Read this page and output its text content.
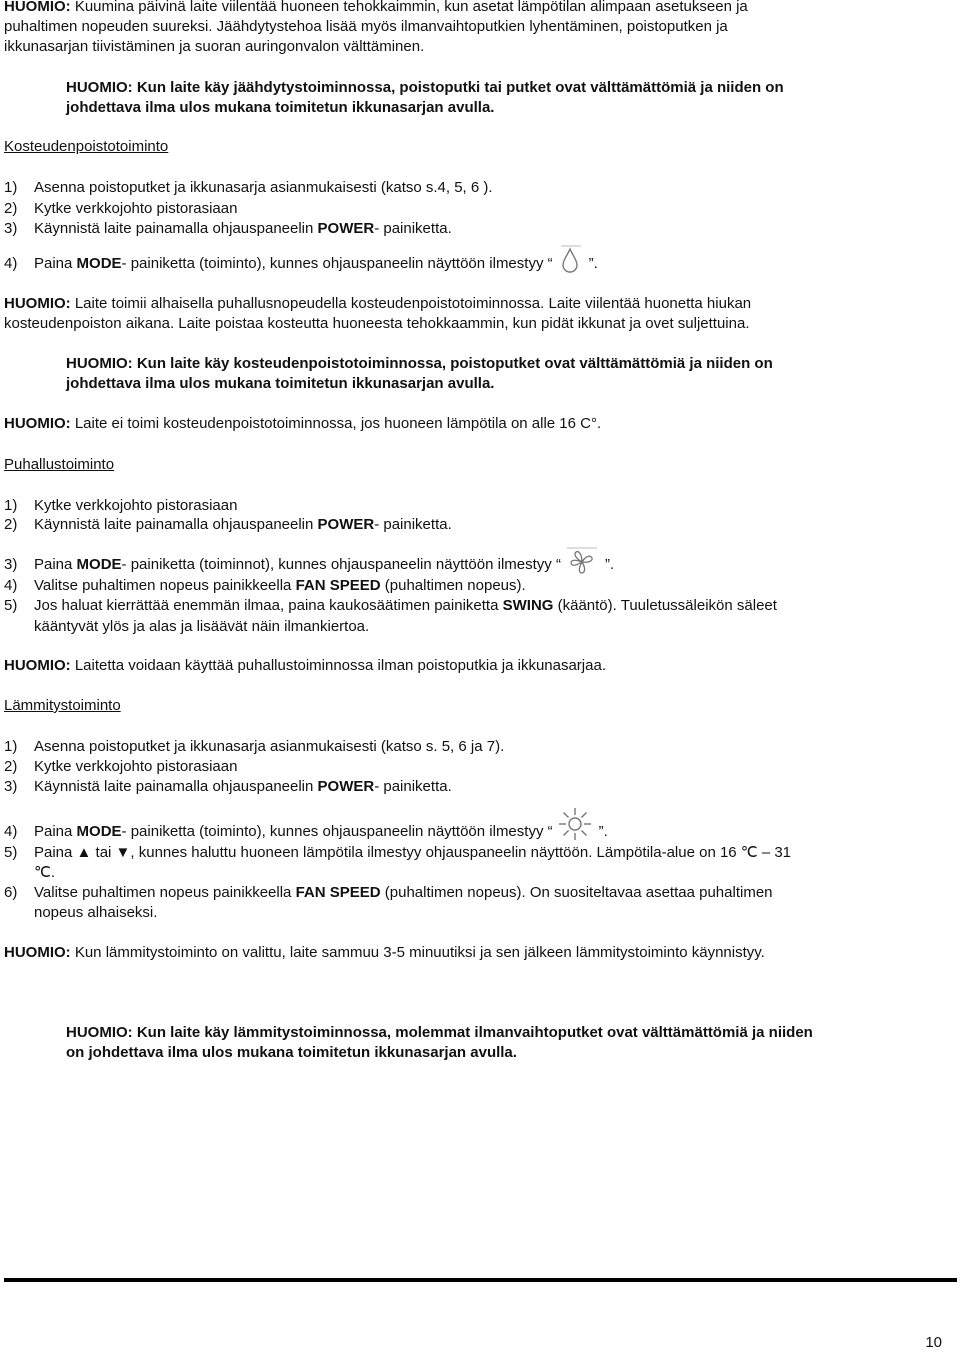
HUOMIO: Kuumina päivinä laite viilentää huoneen tehokkaimmin, kun asetat lämpötilan alimpaan asetukseen ja
puhaltimen nopeuden suureksi. Jäähdytystehoa lisää myös ilmanvaihtoputkien lyhentäminen, poistoputken ja
ikkunasarjan tiivistäminen ja suoran auringonvalon välttäminen.
HUOMIO: Kun laite käy jäähdytystoiminnossa, poistoputki tai putket ovat välttämättömiä ja niiden on
johdettava ilma ulos mukana toimitetun ikkunasarjan avulla.
Kosteudenpoistotoiminto
1) Asenna poistoputket ja ikkunasarja asianmukaisesti (katso s.4, 5, 6 ).
2) Kytke verkkojohto pistorasiaan
3) Käynnistä laite painamalla ohjauspaneelin POWER- painiketta.
4) Paina MODE- painiketta (toiminto), kunnes ohjauspaneelin näyttöön ilmestyy “ ”.
HUOMIO: Laite toimii alhaisella puhallusnopeudella kosteudenpoistotoiminnossa. Laite viilentää huonetta hiukan
kosteudenpoiston aikana. Laite poistaa kosteutta huoneesta tehokkaammin, kun pidät ikkunat ja ovet suljettuina.
HUOMIO: Kun laite käy kosteudenpoistotoiminnossa, poistoputket ovat välttämättömiä ja niiden on
johdettava ilma ulos mukana toimitetun ikkunasarjan avulla.
HUOMIO: Laite ei toimi kosteudenpoistotoiminnossa, jos huoneen lämpötila on alle 16 C°.
Puhallustoiminto
1) Kytke verkkojohto pistorasiaan
2) Käynnistä laite painamalla ohjauspaneelin POWER- painiketta.
3) Paina MODE- painiketta (toiminnot), kunnes ohjauspaneelin näyttöön ilmestyy “	”.
4) Valitse puhaltimen nopeus painikkeella FAN SPEED (puhaltimen nopeus).
5) Jos haluat kierrättää enemmän ilmaa, paina kaukosäätimen painiketta SWING (kääntö). Tuuletussäleikön säleet
kääntyvät ylös ja alas ja lisäävät näin ilmankiertoa.
HUOMIO: Laitetta voidaan käyttää puhallustoiminnossa ilman poistoputkia ja ikkunasarjaa.
Lämmitystoiminto
1) Asenna poistoputket ja ikkunasarja asianmukaisesti (katso s. 5, 6 ja 7).
2) Kytke verkkojohto pistorasiaan
3) Käynnistä laite painamalla ohjauspaneelin POWER- painiketta.
4) Paina MODE- painiketta (toiminto), kunnes ohjauspaneelin näyttöön ilmestyy “	”.
5) Paina ▲ tai ▼, kunnes haluttu huoneen lämpötila ilmestyy ohjauspaneelin näyttöön. Lämpötila-alue on 16 ℃ – 31
℃.
6) Valitse puhaltimen nopeus painikkeella FAN SPEED (puhaltimen nopeus). On suositeltavaa asettaa puhaltimen
nopeus alhaiseksi.
HUOMIO: Kun lämmitystoiminto on valittu, laite sammuu 3-5 minuutiksi ja sen jälkeen lämmitystoiminto käynnistyy.
HUOMIO: Kun laite käy lämmitystoiminnossa, molemmat ilmanvaihtoputket ovat välttämättömiä ja niiden
on johdettava ilma ulos mukana toimitetun ikkunasarjan avulla.
10
